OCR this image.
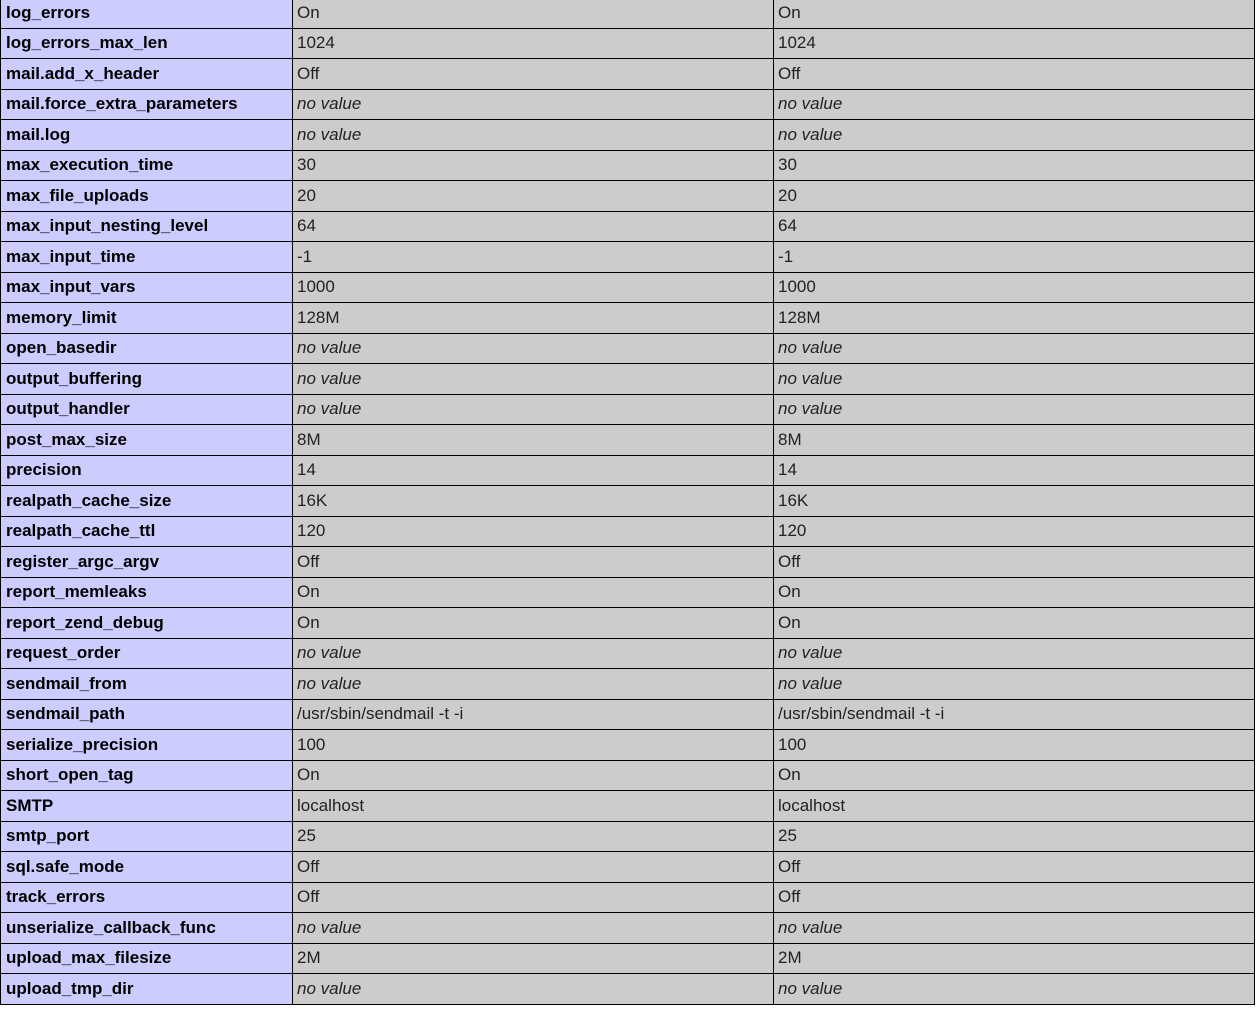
log_errors	On	On
log_errors_max_len	1024	1024
mail.add_x_header	Off	Off
mail.force_extra_parameters	no value	no value
mail.log	no value	no value
max_execution_time	30	30
max_file_uploads	20	20
max_input_nesting_level	64	64
max_input_time	-1	-1
max_input_vars	1000	1000
memory_limit	128M	128M
open_basedir	no value	no value
output_buffering	no value	no value
output_handler	no value	no value
post_max_size	8M	8M
precision	14	14
realpath_cache_size	16K	16K
realpath_cache_ttl	120	120
register_argc_argv	Off	Off
report_memleaks	On	On
report_zend_debug	On	On
request_order	no value	no value
sendmail_from	no value	no value
sendmail_path	/usr/sbin/sendmail -t -i	/usr/sbin/sendmail -t -i
serialize_precision	100	100
short_open_tag	On	On
SMTP	localhost	localhost
smtp_port	25	25
sql.safe_mode	Off	Off
track_errors	Off	Off
unserialize_callback_func	no value	no value
upload_max_filesize	2M	2M
upload_tmp_dir	no value	no value
